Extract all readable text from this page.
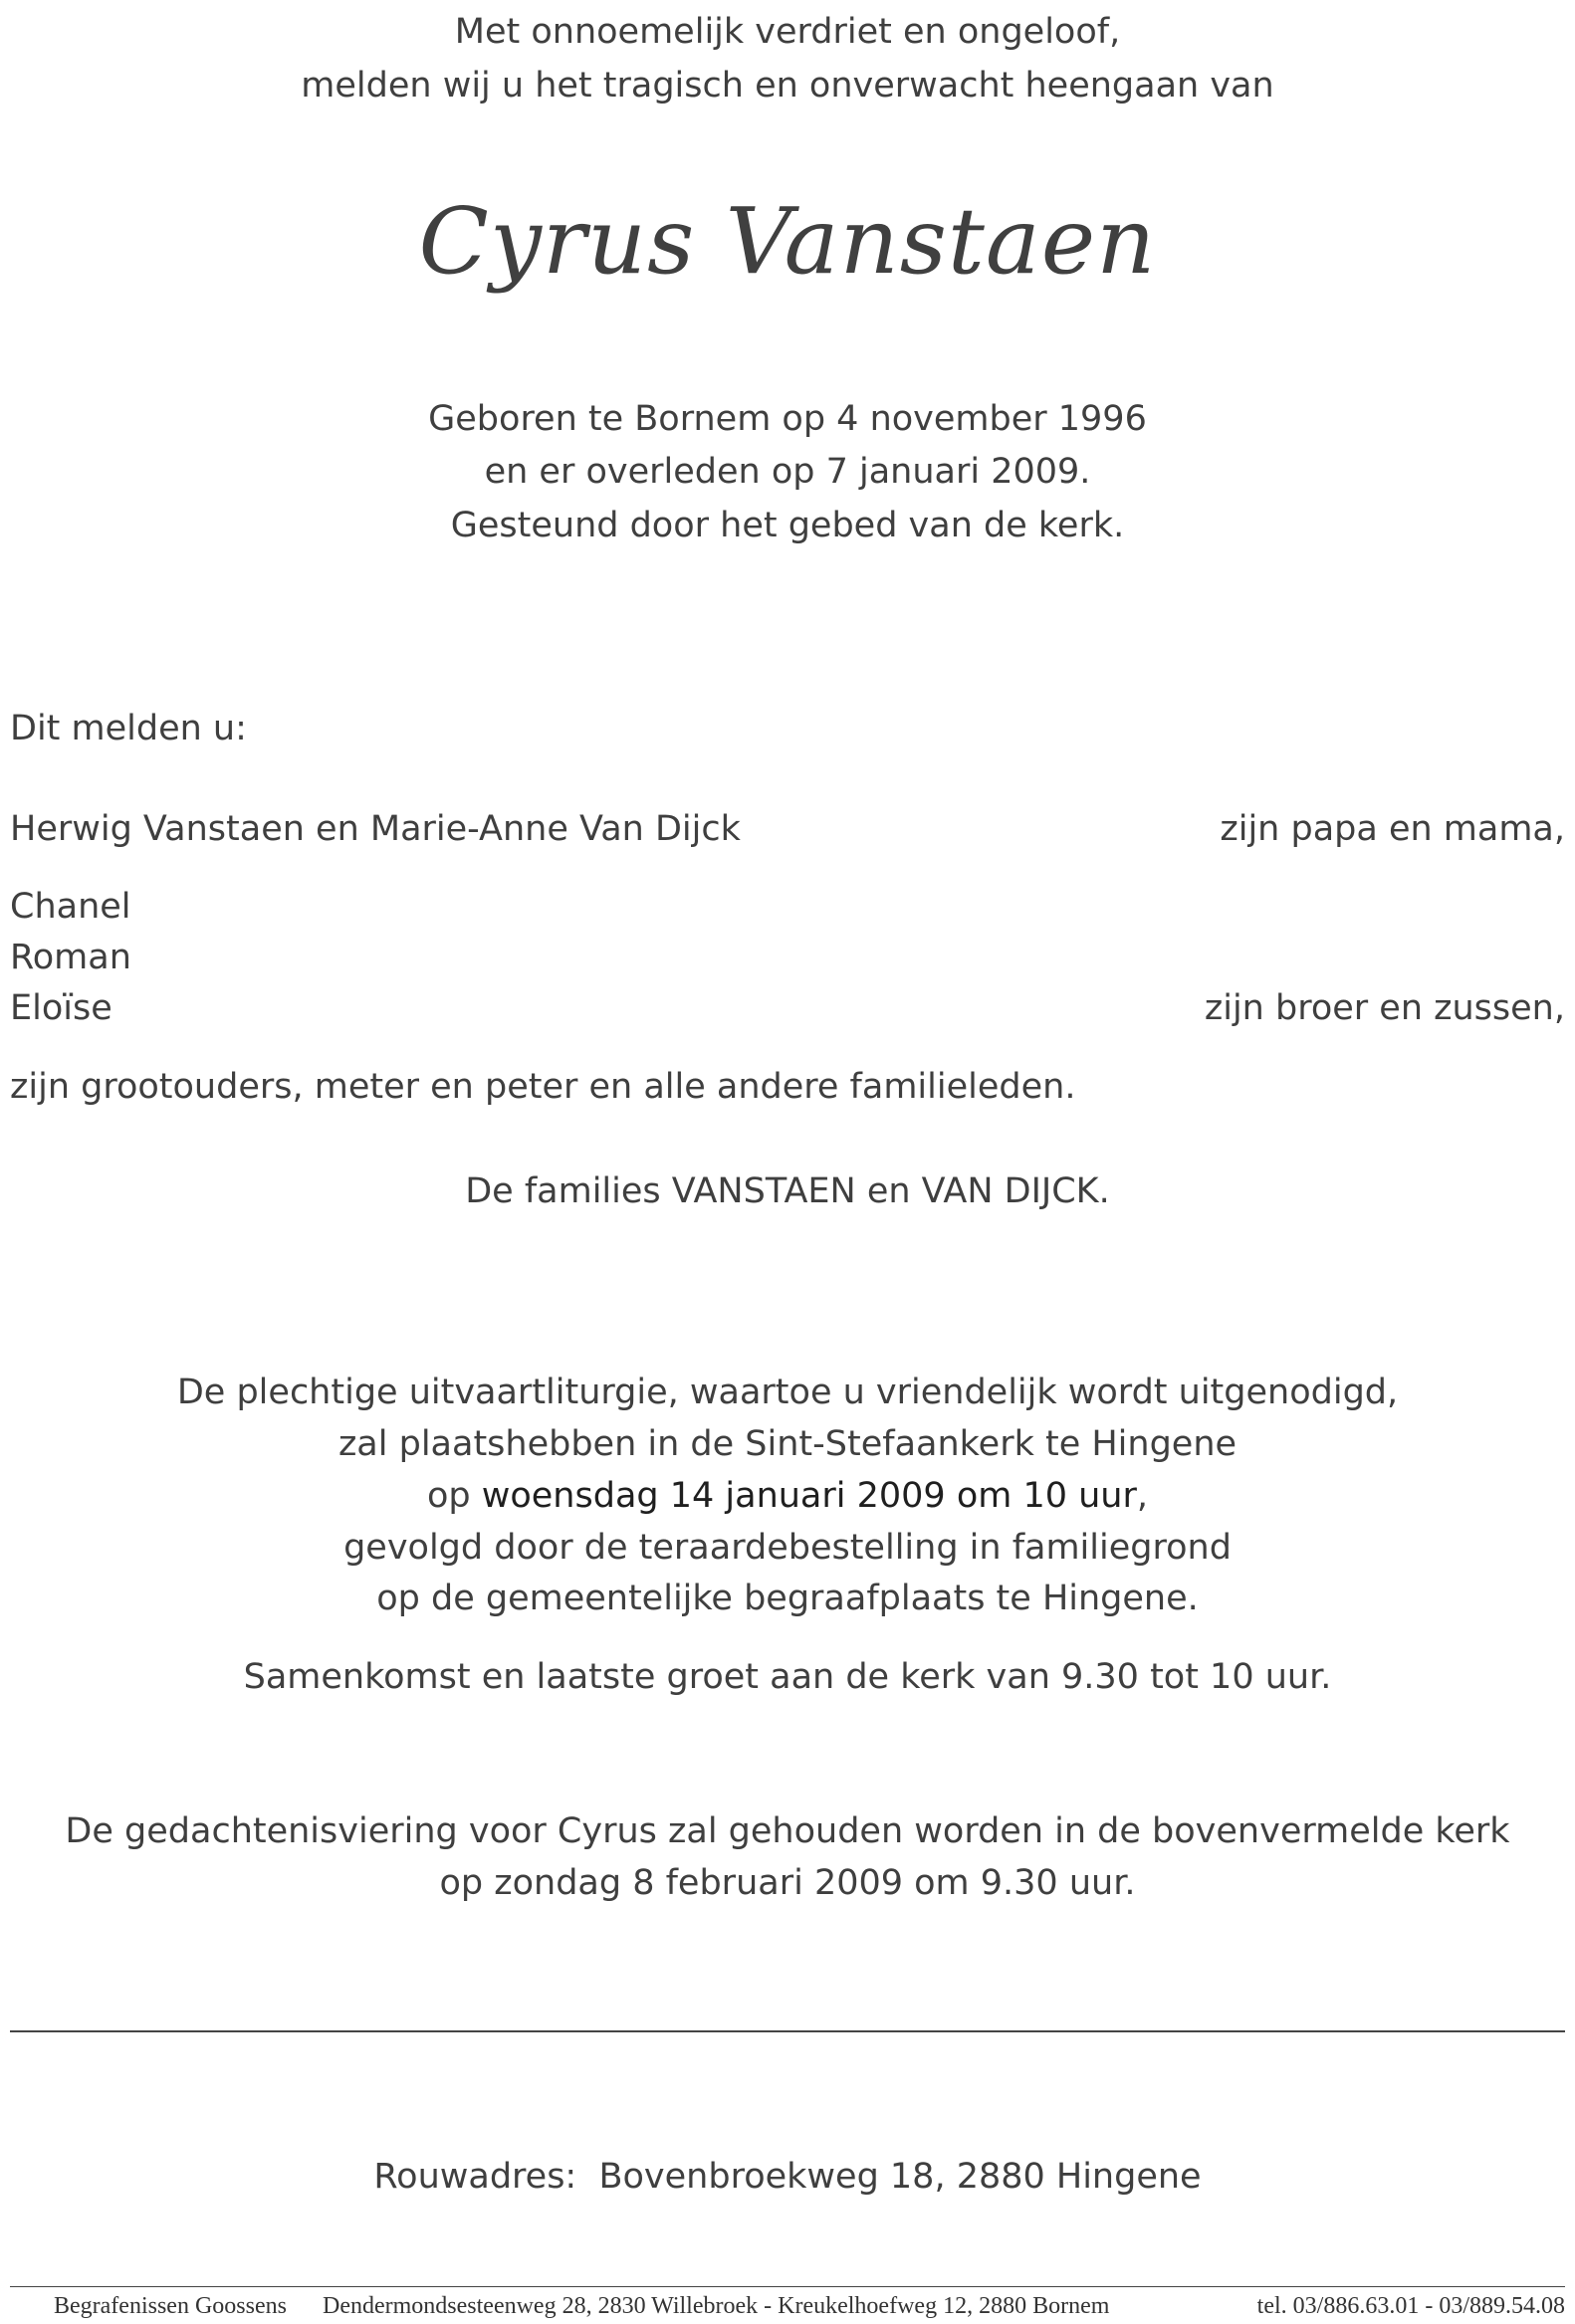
Met onnoemelijk verdriet en ongeloof,
melden wij u het tragisch en onverwacht heengaan van
Cyrus Vanstaen
Geboren te Bornem op 4 november 1996
en er overleden op 7 januari 2009.
Gesteund door het gebed van de kerk.
Dit melden u:
Herwig Vanstaen en Marie-Anne Van Dijck	zijn papa en mama,
Chanel
Roman
Eloïse	zijn broer en zussen,
zijn grootouders, meter en peter en alle andere familieleden.
De families VANSTAEN en VAN DIJCK.
De plechtige uitvaartliturgie, waartoe u vriendelijk wordt uitgenodigd,
zal plaatshebben in de Sint-Stefaankerk te Hingene
op woensdag 14 januari 2009 om 10 uur,
gevolgd door de teraardebestelling in familiegrond
op de gemeentelijke begraafplaats te Hingene.
Samenkomst en laatste groet aan de kerk van 9.30 tot 10 uur.
De gedachtenisviering voor Cyrus zal gehouden worden in de bovenvermelde kerk
op zondag 8 februari 2009 om 9.30 uur.
Rouwadres: Bovenbroekweg 18, 2880 Hingene
Begrafenissen Goossens Dendermondsesteenweg 28, 2830 Willebroek - Kreukelhoefweg 12, 2880 Bornem	tel. 03/886.63.01 - 03/889.54.08
